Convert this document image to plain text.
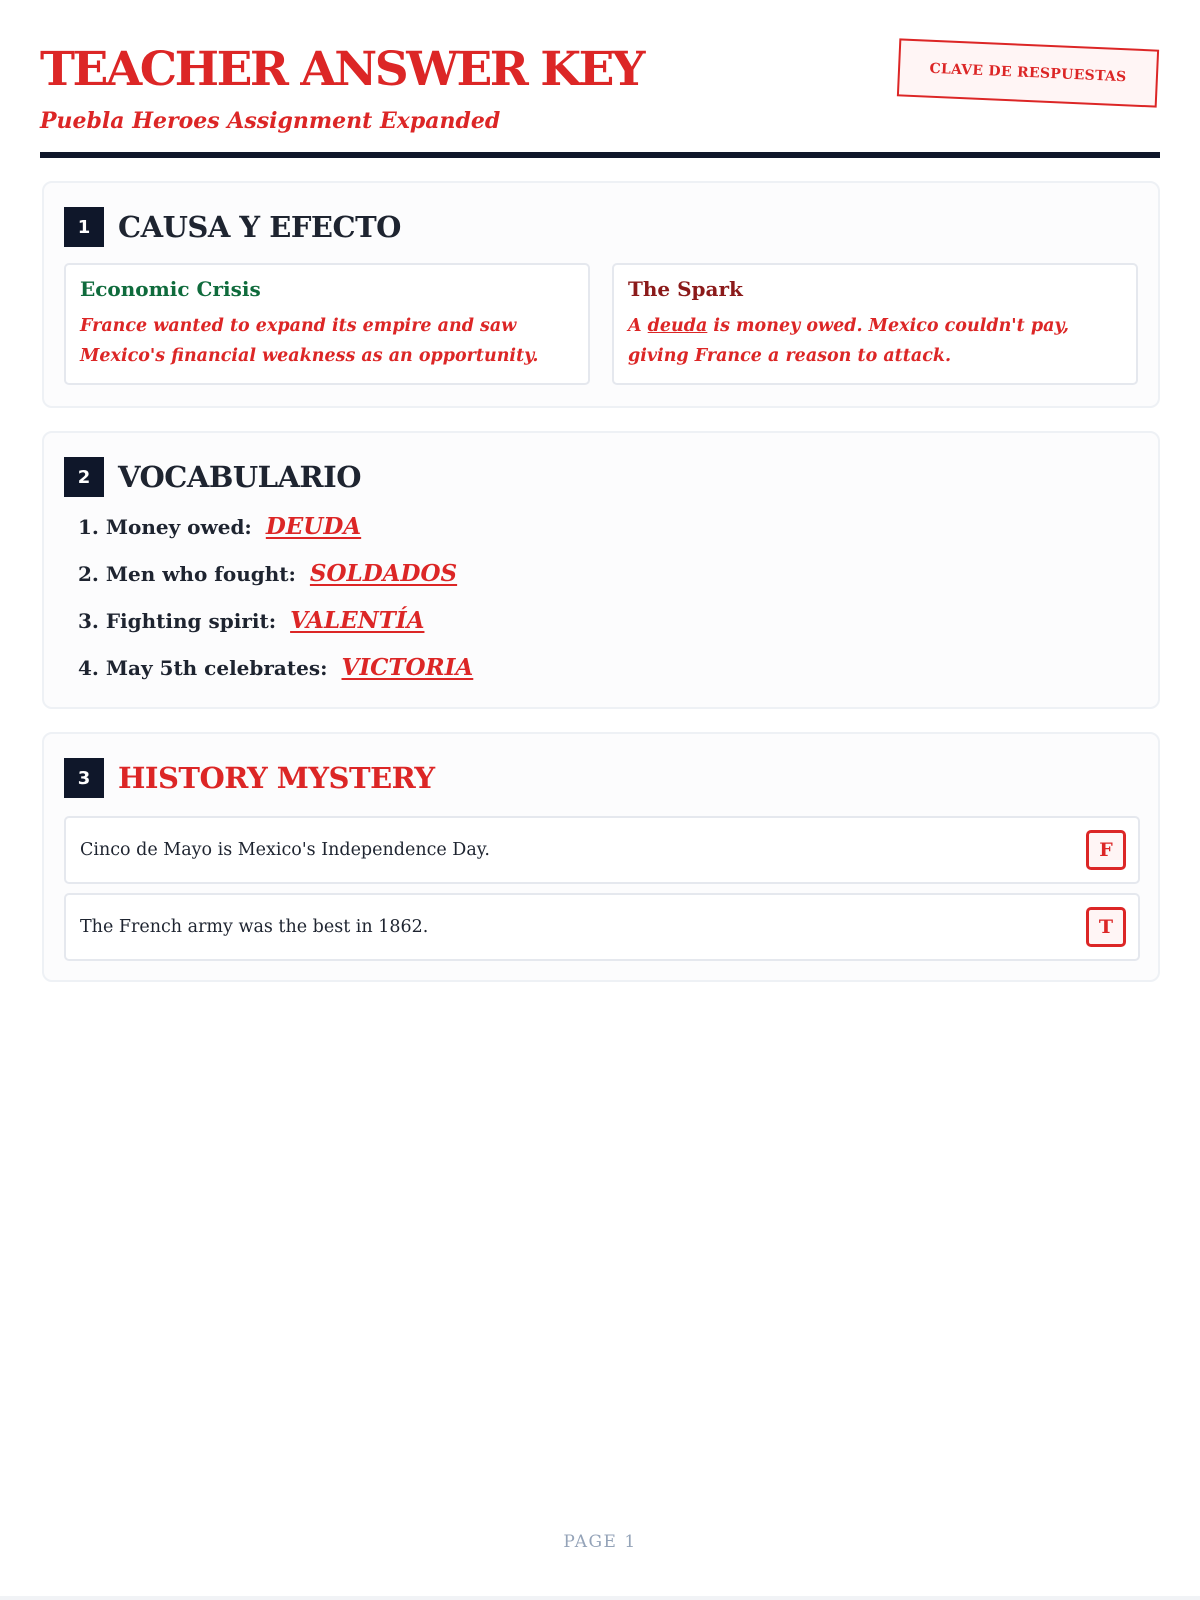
TEACHER ANSWER KEY
Puebla Heroes Assignment Expanded
CLAVE DE RESPUESTAS
1 CAUSA Y EFECTO
Economic Crisis
France wanted to expand its empire and saw Mexico's financial weakness as an opportunity.
The Spark
A deuda is money owed. Mexico couldn't pay, giving France a reason to attack.
2 VOCABULARIO
1. Money owed: DEUDA
2. Men who fought: SOLDADOS
3. Fighting spirit: VALENTÍA
4. May 5th celebrates: VICTORIA
3 HISTORY MYSTERY
Cinco de Mayo is Mexico's Independence Day.	F
The French army was the best in 1862.	T
PAGE 1
